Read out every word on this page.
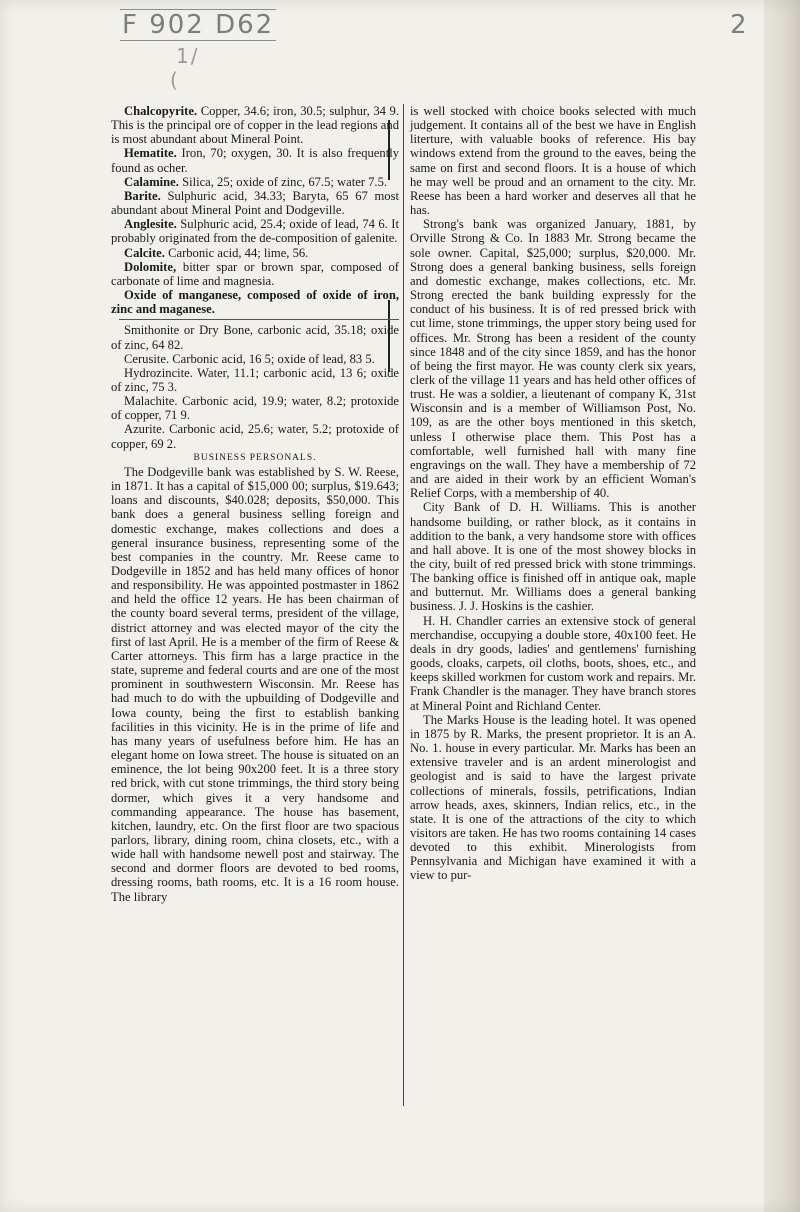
F 902 D62
1/
(
2

Chalcopyrite. Copper, 34.6; iron, 30.5; sulphur, 34 9. This is the principal ore of copper in the lead regions and is most abundant about Mineral Point.

Hematite. Iron, 70; oxygen, 30. It is also frequently found as ocher.

Calamine. Silica, 25; oxide of zinc, 67.5; water 7.5.

Barite. Sulphuric acid, 34.33; Baryta, 65 67 most abundant about Mineral Point and Dodgeville.

Anglesite. Sulphuric acid, 25.4; oxide of lead, 74 6. It probably originated from the de-composition of galenite.

Calcite. Carbonic acid, 44; lime, 56.

Dolomite, bitter spar or brown spar, composed of carbonate of lime and magnesia.

Oxide of manganese, composed of oxide of iron, zinc and maganese.

Smithonite or Dry Bone, carbonic acid, 35.18; oxide of zinc, 64 82.

Cerusite. Carbonic acid, 16 5; oxide of lead, 83 5.

Hydrozincite. Water, 11.1; carbonic acid, 13 6; oxide of zinc, 75 3.

Malachite. Carbonic acid, 19.9; water, 8.2; protoxide of copper, 71 9.

Azurite. Carbonic acid, 25.6; water, 5.2; protoxide of copper, 69 2.

BUSINESS PERSONALS.

The Dodgeville bank was established by S. W. Reese, in 1871. It has a capital of $15,000 00; surplus, $19.643; loans and discounts, $40.028; deposits, $50,000. This bank does a general business selling foreign and domestic exchange, makes collections and does a general insurance business, representing some of the best companies in the country. Mr. Reese came to Dodgeville in 1852 and has held many offices of honor and responsibility. He was appointed postmaster in 1862 and held the office 12 years. He has been chairman of the county board several terms, president of the village, district attorney and was elected mayor of the city the first of last April. He is a member of the firm of Reese & Carter attorneys. This firm has a large practice in the state, supreme and federal courts and are one of the most prominent in southwestern Wisconsin. Mr. Reese has had much to do with the upbuilding of Dodgeville and Iowa county, being the first to establish banking facilities in this vicinity. He is in the prime of life and has many years of usefulness before him. He has an elegant home on Iowa street. The house is situated on an eminence, the lot being 90x200 feet. It is a three story red brick, with cut stone trimmings, the third story being dormer, which gives it a very handsome and commanding appearance. The house has basement, kitchen, laundry, etc. On the first floor are two spacious parlors, library, dining room, china closets, etc., with a wide hall with handsome newell post and stairway. The second and dormer floors are devoted to bed rooms, dressing rooms, bath rooms, etc. It is a 16 room house. The library

is well stocked with choice books selected with much judgement. It contains all of the best we have in English literture, with valuable books of reference. His bay windows extend from the ground to the eaves, being the same on first and second floors. It is a house of which he may well be proud and an ornament to the city. Mr. Reese has been a hard worker and deserves all that he has.

Strong's bank was organized January, 1881, by Orville Strong & Co. In 1883 Mr. Strong became the sole owner. Capital, $25,000; surplus, $20,000. Mr. Strong does a general banking business, sells foreign and domestic exchange, makes collections, etc. Mr. Strong erected the bank building expressly for the conduct of his business. It is of red pressed brick with cut lime, stone trimmings, the upper story being used for offices. Mr. Strong has been a resident of the county since 1848 and of the city since 1859, and has the honor of being the first mayor. He was county clerk six years, clerk of the village 11 years and has held other offices of trust. He was a soldier, a lieutenant of company K, 31st Wisconsin and is a member of Williamson Post, No. 109, as are the other boys mentioned in this sketch, unless I otherwise place them. This Post has a comfortable, well furnished hall with many fine engravings on the wall. They have a membership of 72 and are aided in their work by an efficient Woman's Relief Corps, with a membership of 40.

City Bank of D. H. Williams. This is another handsome building, or rather block, as it contains in addition to the bank, a very handsome store with offices and hall above. It is one of the most showey blocks in the city, built of red pressed brick with stone trimmings. The banking office is finished off in antique oak, maple and butternut. Mr. Williams does a general banking business. J. J. Hoskins is the cashier.

H. H. Chandler carries an extensive stock of general merchandise, occupying a double store, 40x100 feet. He deals in dry goods, ladies' and gentlemens' furnishing goods, cloaks, carpets, oil cloths, boots, shoes, etc., and keeps skilled workmen for custom work and repairs. Mr. Frank Chandler is the manager. They have branch stores at Mineral Point and Richland Center.

The Marks House is the leading hotel. It was opened in 1875 by R. Marks, the present proprietor. It is an A. No. 1. house in every particular. Mr. Marks has been an extensive traveler and is an ardent minerologist and geologist and is said to have the largest private collections of minerals, fossils, petrifications, Indian arrow heads, axes, skinners, Indian relics, etc., in the state. It is one of the attractions of the city to which visitors are taken. He has two rooms containing 14 cases devoted to this exhibit. Minerologists from Pennsylvania and Michigan have examined it with a view to pur-
